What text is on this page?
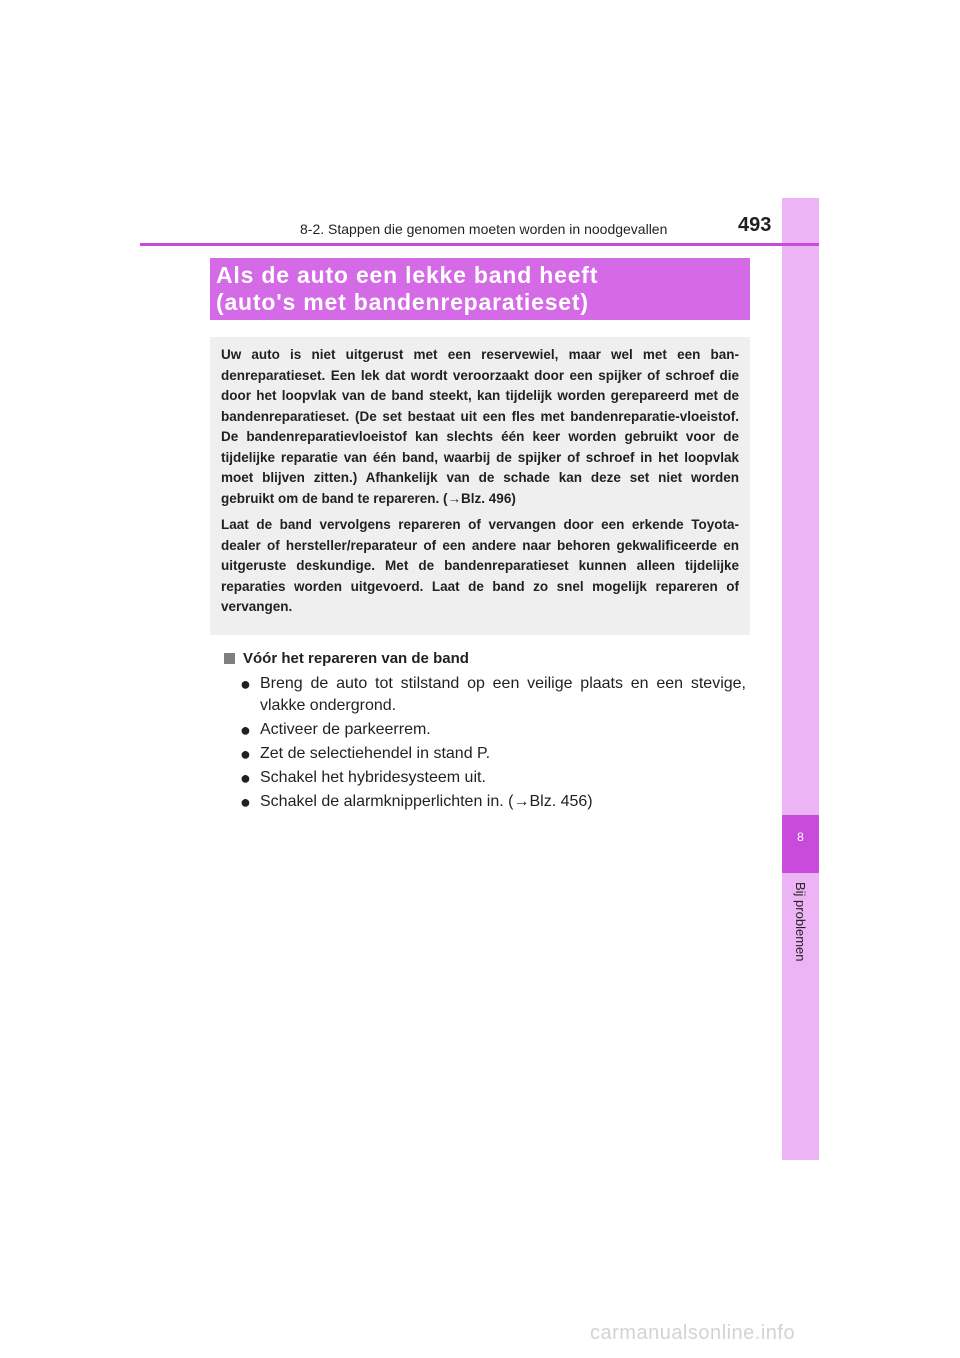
8
Bij problemen
8-2. Stappen die genomen moeten worden in noodgevallen	493
Als de auto een lekke band heeft
(auto's met bandenreparatieset)

Uw auto is niet uitgerust met een reservewiel, maar wel met een ban-denreparatieset. Een lek dat wordt veroorzaakt door een spijker of schroef die door het loopvlak van de band steekt, kan tijdelijk worden gerepareerd met de bandenreparatieset. (De set bestaat uit een fles met bandenreparatie-vloeistof. De bandenreparatievloeistof kan slechts één keer worden gebruikt voor de tijdelijke reparatie van één band, waarbij de spijker of schroef in het loopvlak moet blijven zitten.) Afhankelijk van de schade kan deze set niet worden gebruikt om de band te repareren. (→Blz. 496)

Laat de band vervolgens repareren of vervangen door een erkende Toyota-dealer of hersteller/reparateur of een andere naar behoren gekwalificeerde en uitgeruste deskundige. Met de bandenreparatieset kunnen alleen tijdelijke reparaties worden uitgevoerd. Laat de band zo snel mogelijk repareren of vervangen.

Vóór het repareren van de band
● Breng de auto tot stilstand op een veilige plaats en een stevige, vlakke ondergrond.
● Activeer de parkeerrem.
● Zet de selectiehendel in stand P.
● Schakel het hybridesysteem uit.
● Schakel de alarmknipperlichten in. (→Blz. 456)
carmanualsonline.info
